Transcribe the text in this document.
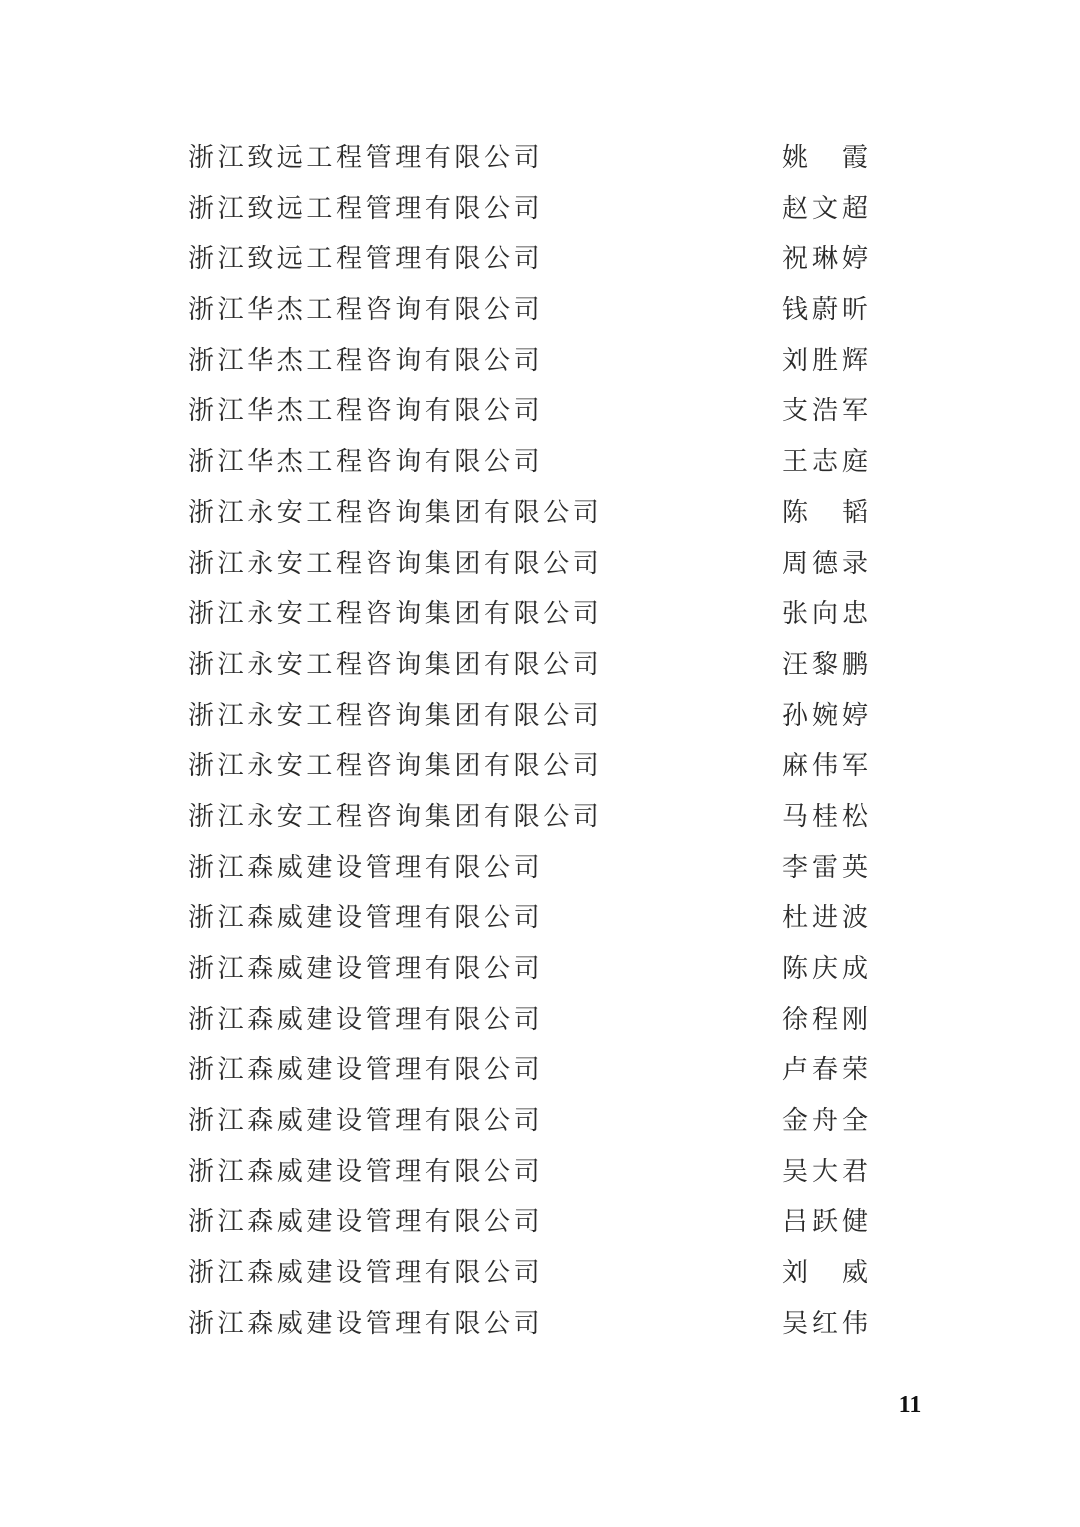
浙江致远工程管理有限公司	姚 霞
浙江致远工程管理有限公司	赵文超
浙江致远工程管理有限公司	祝琳婷
浙江华杰工程咨询有限公司	钱蔚昕
浙江华杰工程咨询有限公司	刘胜辉
浙江华杰工程咨询有限公司	支浩军
浙江华杰工程咨询有限公司	王志庭
浙江永安工程咨询集团有限公司	陈 韬
浙江永安工程咨询集团有限公司	周德录
浙江永安工程咨询集团有限公司	张向忠
浙江永安工程咨询集团有限公司	汪黎鹏
浙江永安工程咨询集团有限公司	孙婉婷
浙江永安工程咨询集团有限公司	麻伟军
浙江永安工程咨询集团有限公司	马桂松
浙江森威建设管理有限公司	李雷英
浙江森威建设管理有限公司	杜进波
浙江森威建设管理有限公司	陈庆成
浙江森威建设管理有限公司	徐程刚
浙江森威建设管理有限公司	卢春荣
浙江森威建设管理有限公司	金舟全
浙江森威建设管理有限公司	吴大君
浙江森威建设管理有限公司	吕跃健
浙江森威建设管理有限公司	刘 威
浙江森威建设管理有限公司	吴红伟
11
